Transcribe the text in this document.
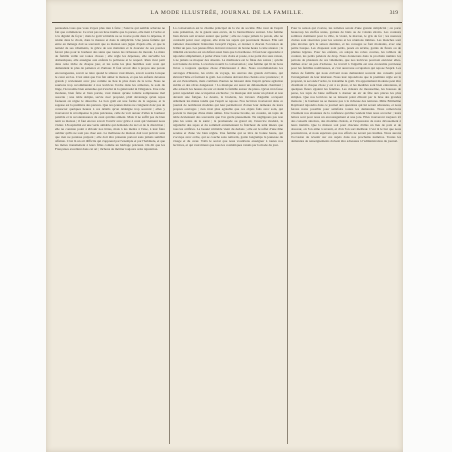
LA MODE ILLUSTRÉE, JOURNAL DE LA FAMILLE.	319

persuadez-vous que vous n'ayez plus rien à faire ; l'œuvre qui semble achevée ne fait que commencer. Ce n'est pas un luxe inutile que la parure, elle tient à l'ordre et à la dignité du foyer ; mais le goût véritable ne se trouve point dans la dépense, il réside dans le choix, dans la mesure et dans la simplicité. Une jeune femme qui entre en ménage doit se souvenir que sa maison sera jugée d'après elle, et que la netteté de ses vêtements, la grâce de son maintien et la douceur de ses paroles feront plus pour le bonheur des siens que toutes les richesses du monde. La mère de famille veille sur toutes choses ; elle règle les dépenses, elle surveille les domestiques, elle enseigne aux enfants la politesse et le respect. Rien n'est petit dans cette tâche de chaque jour, et les soins les plus humbles sont ceux qui demandent le plus de patience et d'amour. Il faut savoir dire à propos une parole encourageante, savoir se taire quand le silence vaut mieux, savoir sourire lorsque le cœur est las. C'est ainsi que l'on fait aimer la maison, et que les enfants devenus grands y reviennent avec joie comme au lieu le plus doux de la terre. Nous ne saurions trop recommander à nos lectrices l'ordre dans les armoires, le soin du linge, l'économie bien entendue qui n'exclut ni la générosité ni l'élégance. Une robe modeste, bien faite et bien portée, vaut mieux qu'une toilette somptueuse mal assortie ; une table simple, servie avec propreté, plaît davantage qu'un repas fastueux où règne le désordre. Le bon goût est une forme de la sagesse, et la sagesse est la première des parures. Que nos jeunes mères ne craignent donc pas de consacrer quelques heures à ces détails qu'on dédaigne trop souvent ; elles y trouveront la récompense la plus précieuse, celle de voir autour d'elles le bonheur paisible et la reconnaissance de ceux qu'elles aiment. Mais il ne suffit pas de bien tenir sa maison ; il faut encore savoir l'ouvrir avec grâce à ceux qui viennent nous visiter. L'hospitalité est une vertu aimable qui demande du tact et de la discrétion ; elle ne consiste point à éblouir nos hôtes, mais à les mettre à l'aise, à leur faire oublier qu'ils ne sont pas chez eux. La maîtresse de maison doit tout prévoir sans que rien ne paraisse préparé ; elle doit être présente partout sans jamais sembler affairée. C'est là un art difficile qui s'apprend par l'exemple et par l'habitude, et que les mères transmettent à leurs filles comme un héritage précieux. On dit que les Françaises excellent dans cet art ; tâchons de mériter toujours cette réputation.

La conversation est le charme principal de la vie de société. Elle veut de l'esprit sans prétention, de la gaieté sans excès, de la bienveillance surtout. Une femme bien élevée sait écouter autant que parler ; elle ne coupe jamais la parole, elle ne contredit point avec aigreur, elle évite les sujets qui pourraient blesser. Elle sait ramener doucement l'entretien lorsqu'il s'égare, et donner à chacun l'occasion de briller un peu. Les jeunes filles doivent s'exercer de bonne heure à cette aisance ; la timidité excessive est un défaut aussi bien que la hardiesse. Il faut leur apprendre à répondre simplement, à parler d'une voix claire et posée, à ne point rire sans raison, à ne jamais se moquer des absents. La médisance est le fléau des salons ; qu'elle soit bannie du nôtre. La lecture nourrit la conversation ; une femme qui lit de bons livres a toujours quelque chose d'intéressant à dire. Nous recommandons les ouvrages d'histoire, les récits de voyage, les œuvres des grands écrivains, qui élèvent l'âme et forment le goût. Les romans doivent être choisis avec prudence ; il en est d'excellents, mais combien d'autres ne laissent dans l'esprit qu'une agitation stérile et des rêves dangereux ! La musique est aussi un délassement charmant ; elle adoucit les heures du soir et réunit la famille autour du piano. Qu'on n'en fasse point cependant une occupation exclusive ; la musique doit rester un plaisir et non devenir une fatigue. Le dessin, la broderie, les travaux d'aiguille occupent utilement les mains tandis que l'esprit se repose. Nos lectrices trouveront dans ce journal de nombreux modèles qui leur permettront d'orner leur demeure de leurs propres ouvrages ; rien n'est plus agréable que ces objets faits avec soin, qui portent la marque d'une main aimée. Une bourse brodée, un coussin, un tapis de table deviennent des souvenirs que l'on garde pieusement. Ne négligeons pas non plus les soins de la santé ; la promenade au grand air, l'exercice modéré, la régularité des repas et du sommeil entretiennent la fraîcheur du teint mieux que tous les artifices. La beauté véritable vient du dedans ; elle est le reflet d'une âme sereine et d'une vie bien réglée. Une femme qui se lève de bonne heure, qui s'occupe avec ordre, qui se couche sans remords, garde longtemps la jeunesse du visage et du cœur. Voilà le secret que nous voudrions enseigner à toutes nos lectrices, et qui vaut mieux que tous les cosmétiques vantés par la mode du jour.

Pour la saison qui s'ouvre, les toilettes seront d'une grande simplicité ; on porte beaucoup les étoffes unies, garnies de biais ou de volants étroits. Les couleurs sombres dominent pour la ville, le violet, le marron, le gris de fer ; les nuances claires sont réservées pour les soirées et les réunions intimes. Les manches sont plus étroites qu'à la saison dernière, et les corsages se font montants, avec une petite basque. Les chapeaux sont petits, posés en arrière, garnis de fleurs ou de plumes légères. Pour les enfants, on adopte les robes courtes, les tabliers de couleur, les petits paletots de drap. Nous donnerons dans le prochain numéro les patrons de plusieurs de ces vêtements, que nos lectrices pourront exécuter elles-mêmes avec un peu d'adresse. Le travail à l'aiguille est une économie précieuse pour les familles nombreuses, et c'est aussi une occupation qui repose l'esprit. Les mères de famille qui nous écrivent nous demandent souvent des conseils pour l'arrangement de leur intérieur. Nous leur répondrons que la première règle est la propreté, la seconde l'ordre, la troisième le goût. Un appartement modeste peut être charmant si chaque chose y est à sa place, si les meubles sont bien entretenus, si quelques fleurs égaient les fenêtres. Les rideaux de mousseline, les housses de perse, les tapis de laine suffisent à donner un air de fête aux pièces les plus simples. Que nos lectrices ne se laissent point éblouir par le luxe des grandes maisons ; le bonheur ne se mesure pas à la richesse des tentures. Mme Emmeline Raymond répondra dans ce journal aux questions qui lui seront adressées, et nous ferons notre possible pour satisfaire toutes les demandes. Nous remercions vivement nos abonnées de la confiance qu'elles veulent bien nous accorder ; leurs lettres sont pour nous un encouragement et une joie. Elles trouveront toujours ici des conseils sincères, des modèles choisis, et l'expression de notre dévouement à leurs intérêts. Que la maison soit pour chacune d'elles un lieu de paix et de douceur, où l'on aime à revenir, et d'où l'on sort meilleur. C'est là le but que nous poursuivons, et nous espérons que nos efforts ne seront pas inutiles. Nous aurons l'occasion de revenir sur ces sujets dans nos prochains numéros. Toutes les demandes de renseignements doivent être adressées à l'administration du journal.
